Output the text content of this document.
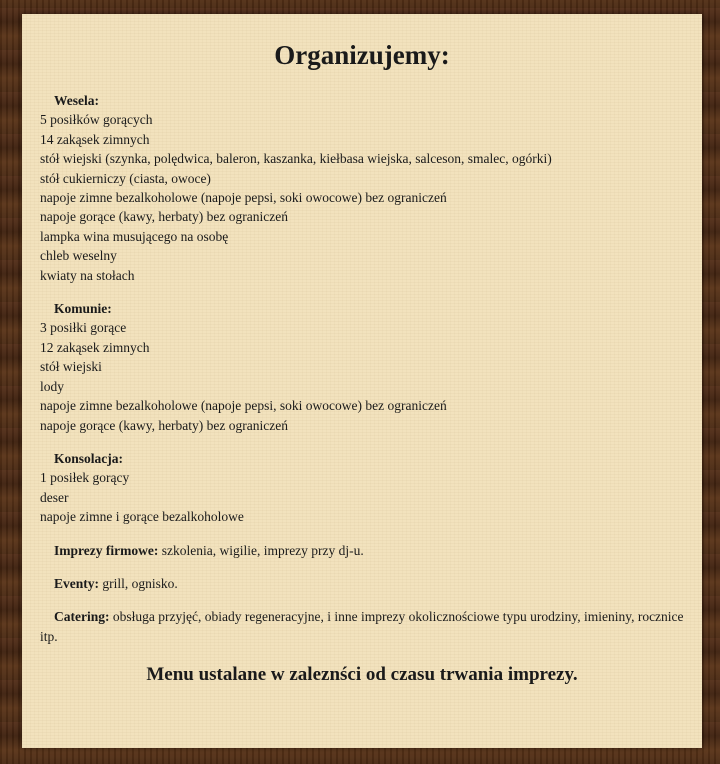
Organizujemy:
Wesela:
5 posiłków gorących
14 zakąsek zimnych
stół wiejski (szynka, polędwica, baleron, kaszanka, kiełbasa wiejska, salceson, smalec, ogórki)
stół cukierniczy (ciasta, owoce)
napoje zimne bezalkoholowe (napoje pepsi, soki owocowe) bez ograniczeń
napoje gorące (kawy, herbaty) bez ograniczeń
lampka wina musującego na osobę
chleb weselny
kwiaty na stołach
Komunie:
3 posiłki gorące
12 zakąsek zimnych
stół wiejski
lody
napoje zimne bezalkoholowe (napoje pepsi, soki owocowe) bez ograniczeń
napoje gorące (kawy, herbaty) bez ograniczeń
Konsolacja:
1 posiłek gorący
deser
napoje zimne i gorące bezalkoholowe
Imprezy firmowe: szkolenia, wigilie, imprezy przy dj-u.
Eventy: grill, ognisko.
Catering: obsługa przyjęć, obiady regeneracyjne, i inne imprezy okolicznościowe typu urodziny, imieniny, rocznice itp.
Menu ustalane w zaleznści od czasu trwania imprezy.
